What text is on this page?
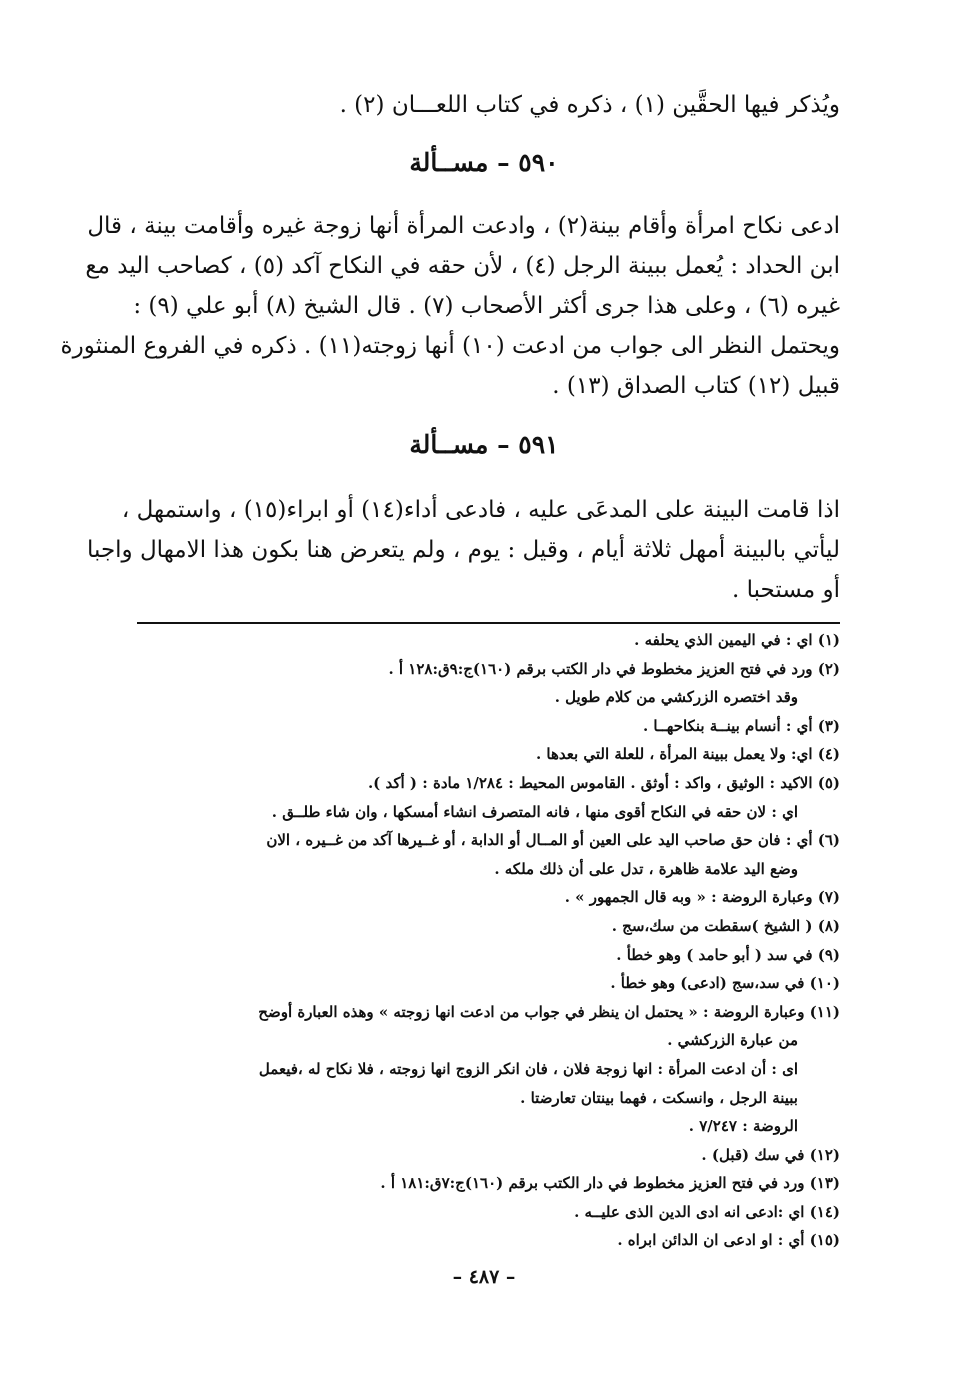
ويُذكر فيها الحقَّين (١) ، ذكره في كتاب اللعـــان (٢) .
٥٩٠ – مســألة
ادعى نكاح امرأة وأقام بينة(٢) ، وادعت المرأة أنها زوجة غيره وأقامت بينة ، قال
ابن الحداد : يُعمل ببينة الرجل (٤) ، لأن حقه في النكاح آكد (٥) ، كصاحب اليد مع
غيره (٦) ، وعلى هذا جرى أكثر الأصحاب (٧) . قال الشيخ (٨) أبو علي (٩) :
ويحتمل النظر الى جواب من ادعت (١٠) أنها زوجته(١١) . ذكره في الفروع المنثورة
قبيل (١٢) كتاب الصداق (١٣) .
٥٩١ – مســألة
اذا قامت البينة على المدعَى عليه ، فادعى أداء(١٤) أو ابراء(١٥) ، واستمهل ،
ليأتي بالبينة أمهل ثلاثة أيام ، وقيل : يوم ، ولم يتعرض هنا بكون هذا الامهال واجبا
أو مستحبا .
(١) اي : في اليمين الذي يحلفه .
(٢) ورد في فتح العزيز مخطوط في دار الكتب برقم (١٦٠)ج:٩ق:١٢٨ أ .
وقد اختصره الزركشي من كلام طويل .
(٣) أي : أنسام بينــة بنكاحهــا .
(٤) اي: ولا يعمل ببينة المرأة ، للعلة التي بعدها .
(٥) الاكيد : الوثيق ، واكد : أوثق . القاموس المحيط : ١/٢٨٤ مادة : ( أكد ).
اي : لان حقه في النكاح أقوى منها ، فانه المتصرف انشاء أمسكها ، وان شاء طلــق .
(٦) أي : فان حق صاحب اليد على العين أو المــال أو الدابة ، أو غــيرها آكد من غــيره ، الان
وضع اليد علامة ظاهرة ، تدل على أن ذلك ملكه .
(٧) وعبارة الروضة : « وبه قال الجمهور » .
(٨) ( الشيخ )سقطت من سك،سج .
(٩) في سد ( أبو حامد ) وهو خطأ .
(١٠) في سد،سج (ادعى) وهو خطأ .
(١١) وعبارة الروضة : « يحتمل ان ينظر في جواب من ادعت انها زوجته » وهذه العبارة أوضح
من عبارة الزركشي .
اى : أن ادعت المرأة : انها زوجة فلان ، فان انكر الزوج انها زوجته ، فلا نكاح له ،فيعمل
ببينة الرجل ، وانسكت ، فهما بينتان تعارضتا .
الروضة : ٧/٢٤٧ .
(١٢) في سك (قبل) .
(١٣) ورد في فتح العزيز مخطوط في دار الكتب برقم (١٦٠)ج:٧ق:١٨١ أ .
(١٤) اي :ادعى انه ادى الدين الذى عليــه .
(١٥) أي : او ادعى ان الدائن ابراه .
– ٤٨٧ –
